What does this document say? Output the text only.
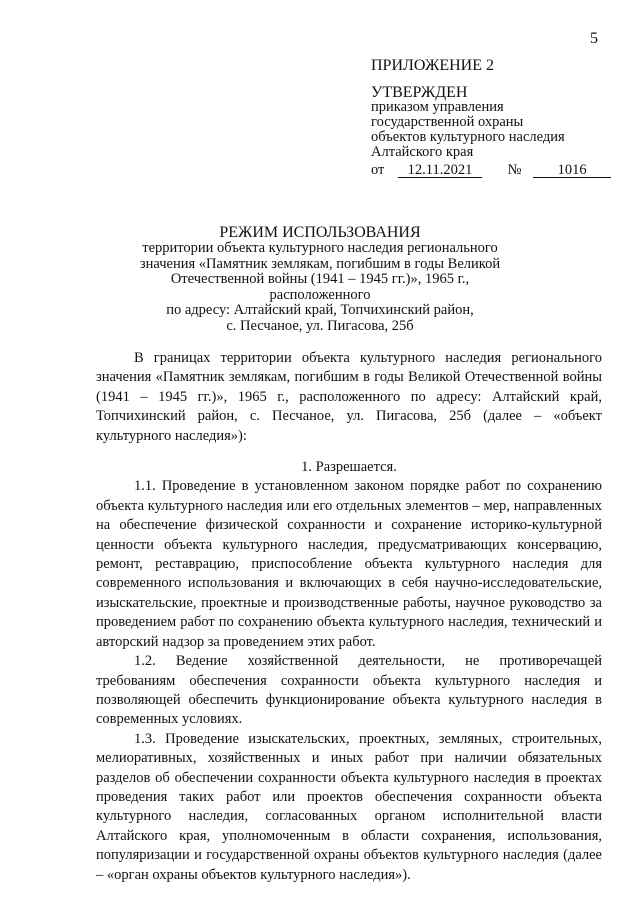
5
ПРИЛОЖЕНИЕ 2
УТВЕРЖДЕН
приказом управления
государственной охраны
объектов культурного наследия
Алтайского края
от 12.11.2021 № 1016
РЕЖИМ ИСПОЛЬЗОВАНИЯ
территории объекта культурного наследия регионального
значения «Памятник землякам, погибшим в годы Великой
Отечественной войны (1941 – 1945 гг.)», 1965 г., расположенного
по адресу: Алтайский край, Топчихинский район,
с. Песчаное, ул. Пигасова, 25б

В границах территории объекта культурного наследия регионального значения «Памятник землякам, погибшим в годы Великой Отечественной войны (1941 – 1945 гг.)», 1965 г., расположенного по адресу: Алтайский край, Топчихинский район, с. Песчаное, ул. Пигасова, 25б (далее – «объект культурного наследия»):

1. Разрешается.

1.1. Проведение в установленном законом порядке работ по сохранению объекта культурного наследия или его отдельных элементов – мер, направленных на обеспечение физической сохранности и сохранение историко-культурной ценности объекта культурного наследия, предусматривающих консервацию, ремонт, реставрацию, приспособление объекта культурного наследия для современного использования и включающих в себя научно-исследовательские, изыскательские, проектные и производственные работы, научное руководство за проведением работ по сохранению объекта культурного наследия, технический и авторский надзор за проведением этих работ.

1.2. Ведение хозяйственной деятельности, не противоречащей требованиям обеспечения сохранности объекта культурного наследия и позволяющей обеспечить функционирование объекта культурного наследия в современных условиях.

1.3. Проведение изыскательских, проектных, земляных, строительных, мелиоративных, хозяйственных и иных работ при наличии обязательных разделов об обеспечении сохранности объекта культурного наследия в проектах проведения таких работ или проектов обеспечения сохранности объекта культурного наследия, согласованных органом исполнительной власти Алтайского края, уполномоченным в области сохранения, использования, популяризации и государственной охраны объектов культурного наследия (далее – «орган охраны объектов культурного наследия»).
